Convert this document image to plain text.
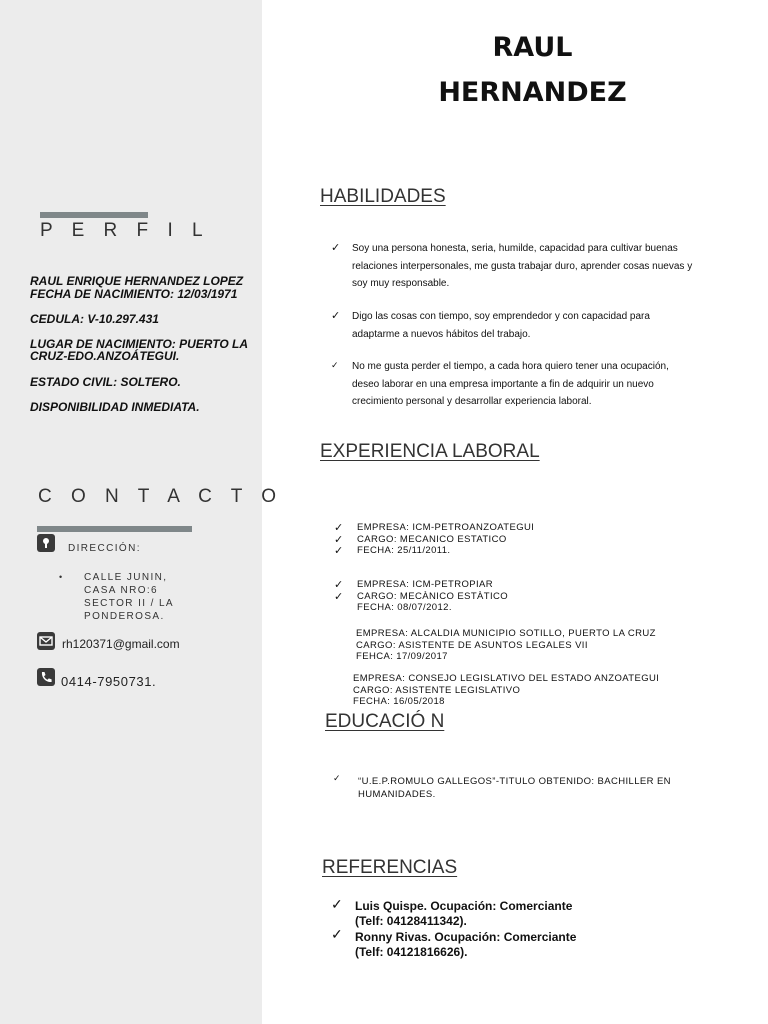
RAUL
HERNANDEZ
P E R F I L
RAUL ENRIQUE HERNANDEZ LOPEZ
FECHA DE NACIMIENTO: 12/03/1971
CEDULA: V-10.297.431
LUGAR DE NACIMIENTO: PUERTO LA
CRUZ-EDO.ANZOÁTEGUI.
ESTADO CIVIL: SOLTERO.
DISPONIBILIDAD INMEDIATA.
C O N T A C T O
DIRECCIÓN:
• CALLE JUNIN,
CASA NRO:6
SECTOR II / LA
PONDEROSA.
rh120371@gmail.com
0414-7950731.
HABILIDADES
✓ Soy una persona honesta, seria, humilde, capacidad para cultivar buenas
relaciones interpersonales, me gusta trabajar duro, aprender cosas nuevas y
soy muy responsable.
✓ Digo las cosas con tiempo, soy emprendedor y con capacidad para
adaptarme a nuevos hábitos del trabajo.
✓ No me gusta perder el tiempo, a cada hora quiero tener una ocupación,
deseo laborar en una empresa importante a fin de adquirir un nuevo
crecimiento personal y desarrollar experiencia laboral.
EXPERIENCIA LABORAL
✓
✓
✓
EMPRESA: ICM-PETROANZOATEGUI
CARGO: MECANICO ESTATICO
FECHA: 25/11/2011.
✓
✓
EMPRESA: ICM-PETROPIAR
CARGO: MECÀNICO ESTÀTICO
FECHA: 08/07/2012.
EMPRESA: ALCALDIA MUNICIPIO SOTILLO, PUERTO LA CRUZ
CARGO: ASISTENTE DE ASUNTOS LEGALES VII
FEHCA: 17/09/2017
EMPRESA: CONSEJO LEGISLATIVO DEL ESTADO ANZOATEGUI
CARGO: ASISTENTE LEGISLATIVO
FECHA: 16/05/2018
EDUCACIÓ N
✓ “U.E.P.ROMULO GALLEGOS”-TITULO OBTENIDO: BACHILLER EN
HUMANIDADES.
REFERENCIAS
✓ Luis Quispe. Ocupación: Comerciante
(Telf: 04128411342).
✓ Ronny Rivas. Ocupación: Comerciante
(Telf: 04121816626).
